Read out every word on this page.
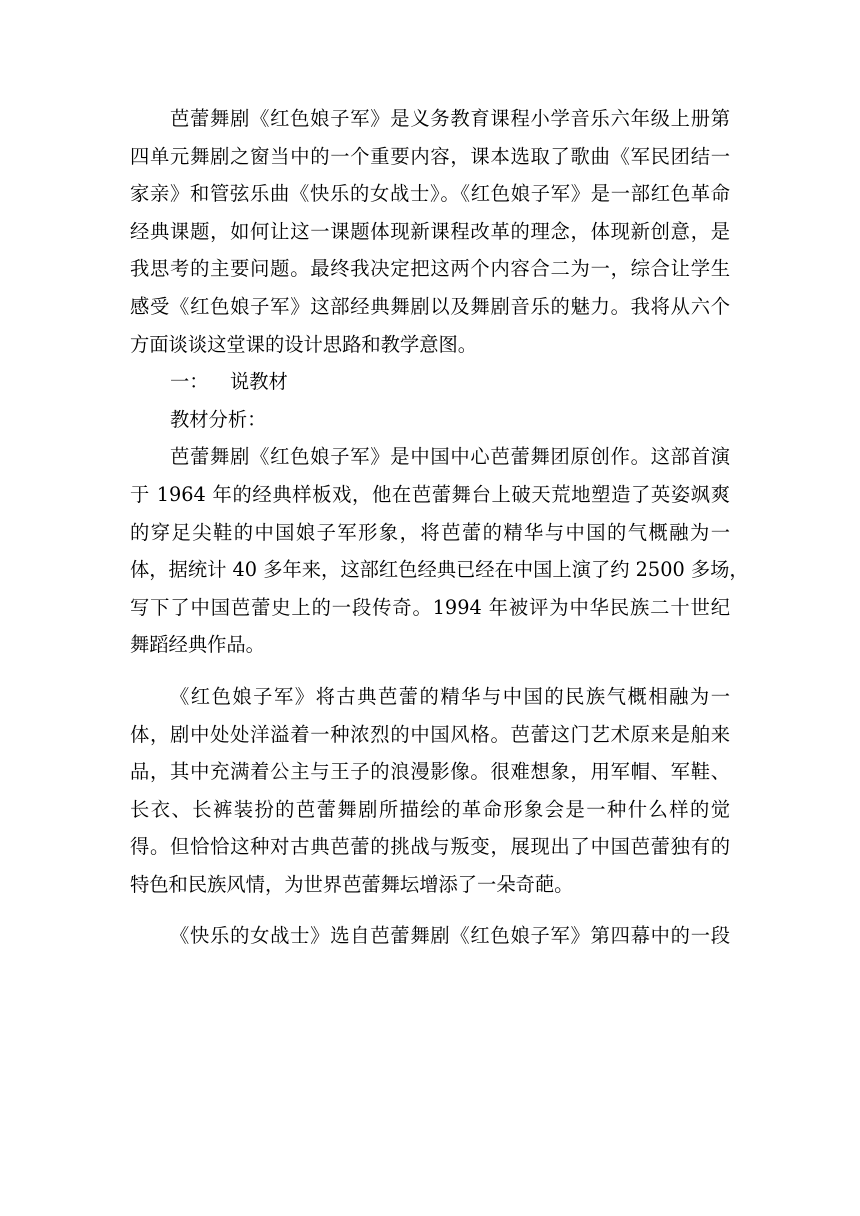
芭蕾舞剧《红色娘子军》是义务教育课程小学音乐六年级上册第
四单元舞剧之窗当中的一个重要内容，课本选取了歌曲《军民团结一
家亲》和管弦乐曲《快乐的女战士》。《红色娘子军》是一部红色革命
经典课题，如何让这一课题体现新课程改革的理念，体现新创意，是
我思考的主要问题。最终我决定把这两个内容合二为一，综合让学生
感受《红色娘子军》这部经典舞剧以及舞剧音乐的魅力。我将从六个
方面谈谈这堂课的设计思路和教学意图。
一： 说教材
教材分析：
芭蕾舞剧《红色娘子军》是中国中心芭蕾舞团原创作。这部首演
于 1964 年的经典样板戏，他在芭蕾舞台上破天荒地塑造了英姿飒爽
的穿足尖鞋的中国娘子军形象，将芭蕾的精华与中国的气概融为一
体，据统计 40 多年来，这部红色经典已经在中国上演了约 2500 多场，
写下了中国芭蕾史上的一段传奇。1994 年被评为中华民族二十世纪
舞蹈经典作品。
《红色娘子军》将古典芭蕾的精华与中国的民族气概相融为一
体，剧中处处洋溢着一种浓烈的中国风格。芭蕾这门艺术原来是舶来
品，其中充满着公主与王子的浪漫影像。很难想象，用军帽、军鞋、
长衣、长裤装扮的芭蕾舞剧所描绘的革命形象会是一种什么样的觉
得。但恰恰这种对古典芭蕾的挑战与叛变，展现出了中国芭蕾独有的
特色和民族风情，为世界芭蕾舞坛增添了一朵奇葩。
《快乐的女战士》选自芭蕾舞剧《红色娘子军》第四幕中的一段
